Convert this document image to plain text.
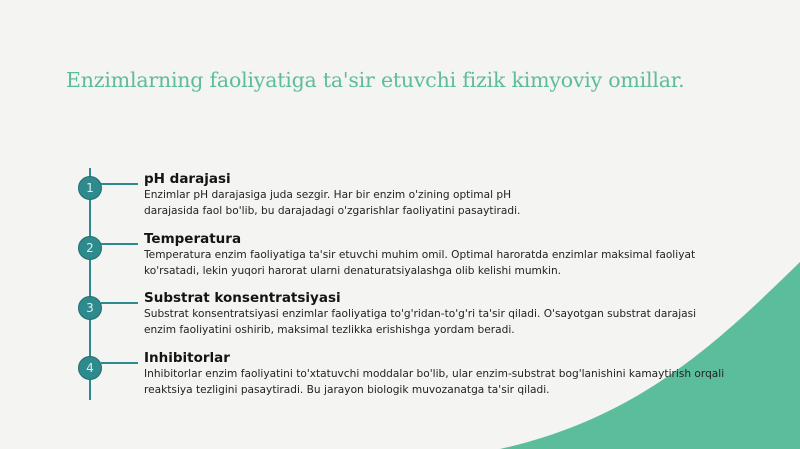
Enzimlarning faoliyatiga ta'sir etuvchi fizik kimyoviy omillar.
1

pH darajasi

Enzimlar pH darajasiga juda sezgir. Har bir enzim o'zining optimal pH
darajasida faol bo'lib, bu darajadagi o'zgarishlar faoliyatini pasaytiradi.

2

Temperatura

Temperatura enzim faoliyatiga ta'sir etuvchi muhim omil. Optimal haroratda enzimlar maksimal faoliyat
ko'rsatadi, lekin yuqori harorat ularni denaturatsiyalashga olib kelishi mumkin.

3

Substrat konsentratsiyasi

Substrat konsentratsiyasi enzimlar faoliyatiga to'g'ridan-to'g'ri ta'sir qiladi. O'sayotgan substrat darajasi
enzim faoliyatini oshirib, maksimal tezlikka erishishga yordam beradi.

4

Inhibitorlar

Inhibitorlar enzim faoliyatini to'xtatuvchi moddalar bo'lib, ular enzim-substrat bog'lanishini kamaytirish orqali
reaktsiya tezligini pasaytiradi. Bu jarayon biologik muvozanatga ta'sir qiladi.
